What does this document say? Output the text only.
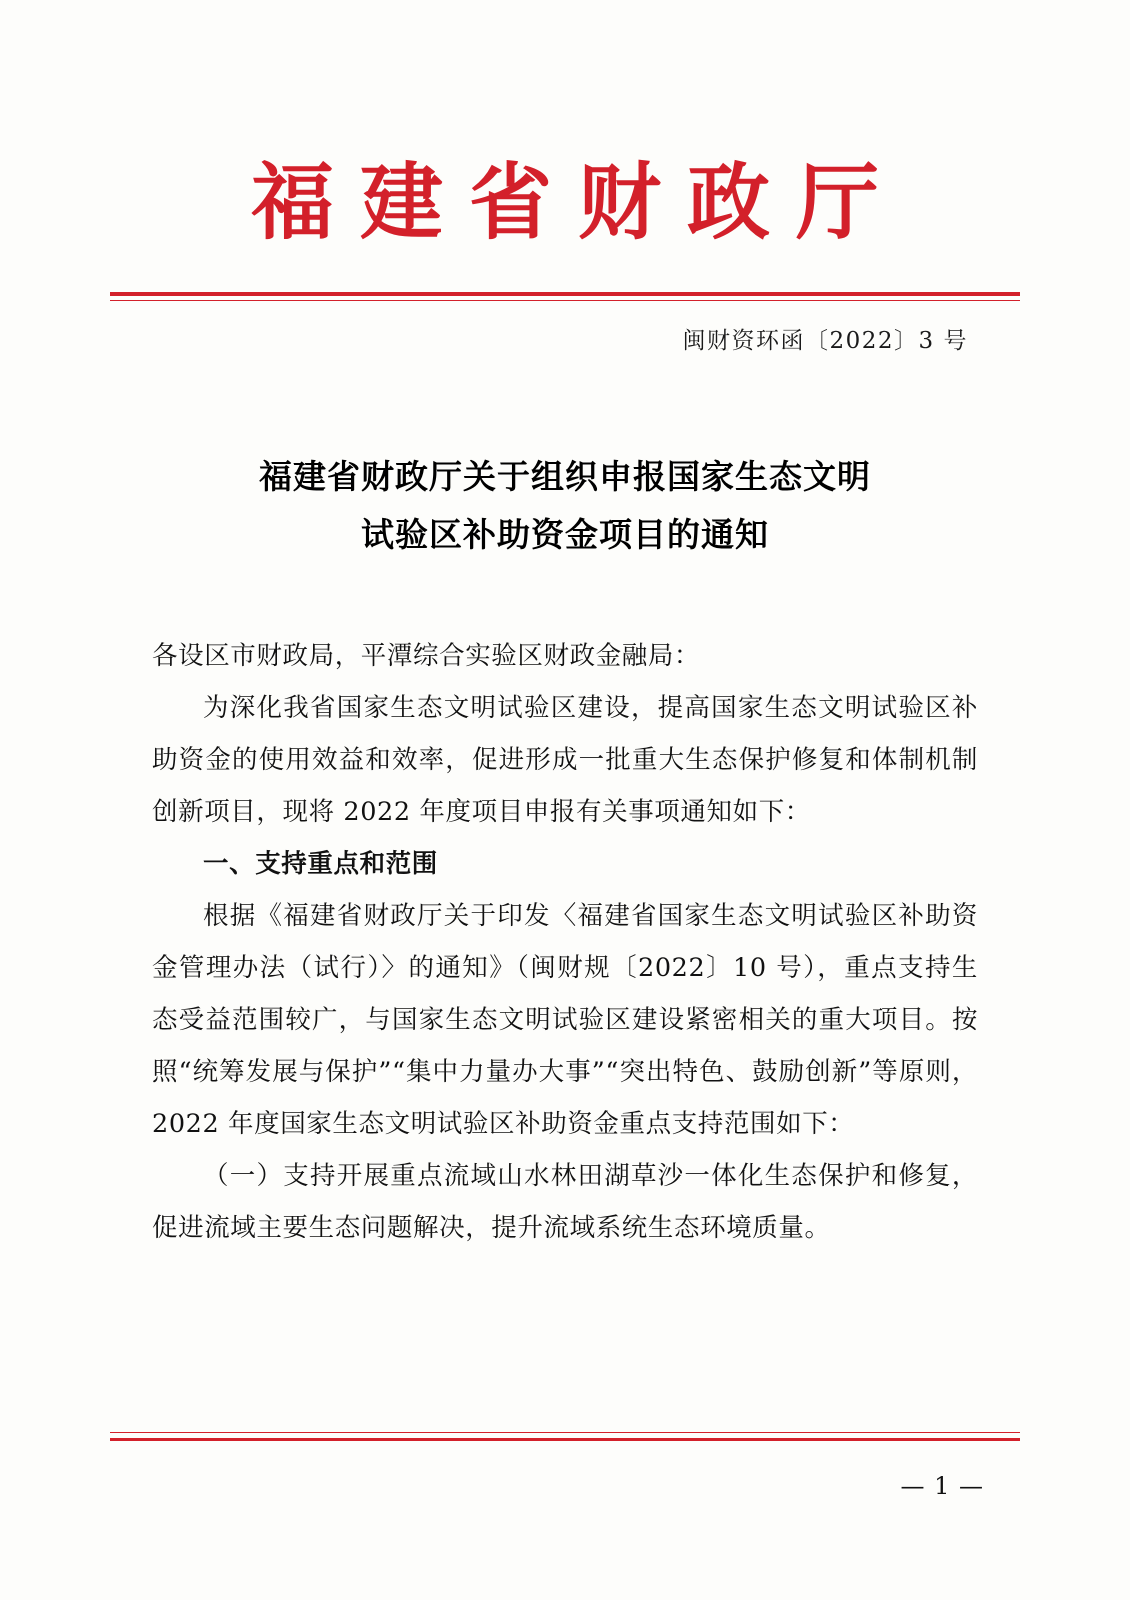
福建省财政厅
闽财资环函〔2022〕3 号
福建省财政厅关于组织申报国家生态文明
试验区补助资金项目的通知

各设区市财政局，平潭综合实验区财政金融局：

为深化我省国家生态文明试验区建设，提高国家生态文明试验区补助资金的使用效益和效率，促进形成一批重大生态保护修复和体制机制创新项目，现将 2022 年度项目申报有关事项通知如下：

一、支持重点和范围

根据《福建省财政厅关于印发〈福建省国家生态文明试验区补助资金管理办法（试行）〉的通知》（闽财规〔2022〕10 号），重点支持生态受益范围较广，与国家生态文明试验区建设紧密相关的重大项目。按照“统筹发展与保护”“集中力量办大事”“突出特色、鼓励创新”等原则，2022 年度国家生态文明试验区补助资金重点支持范围如下：

（一）支持开展重点流域山水林田湖草沙一体化生态保护和修复，促进流域主要生态问题解决，提升流域系统生态环境质量。

— 1 —
